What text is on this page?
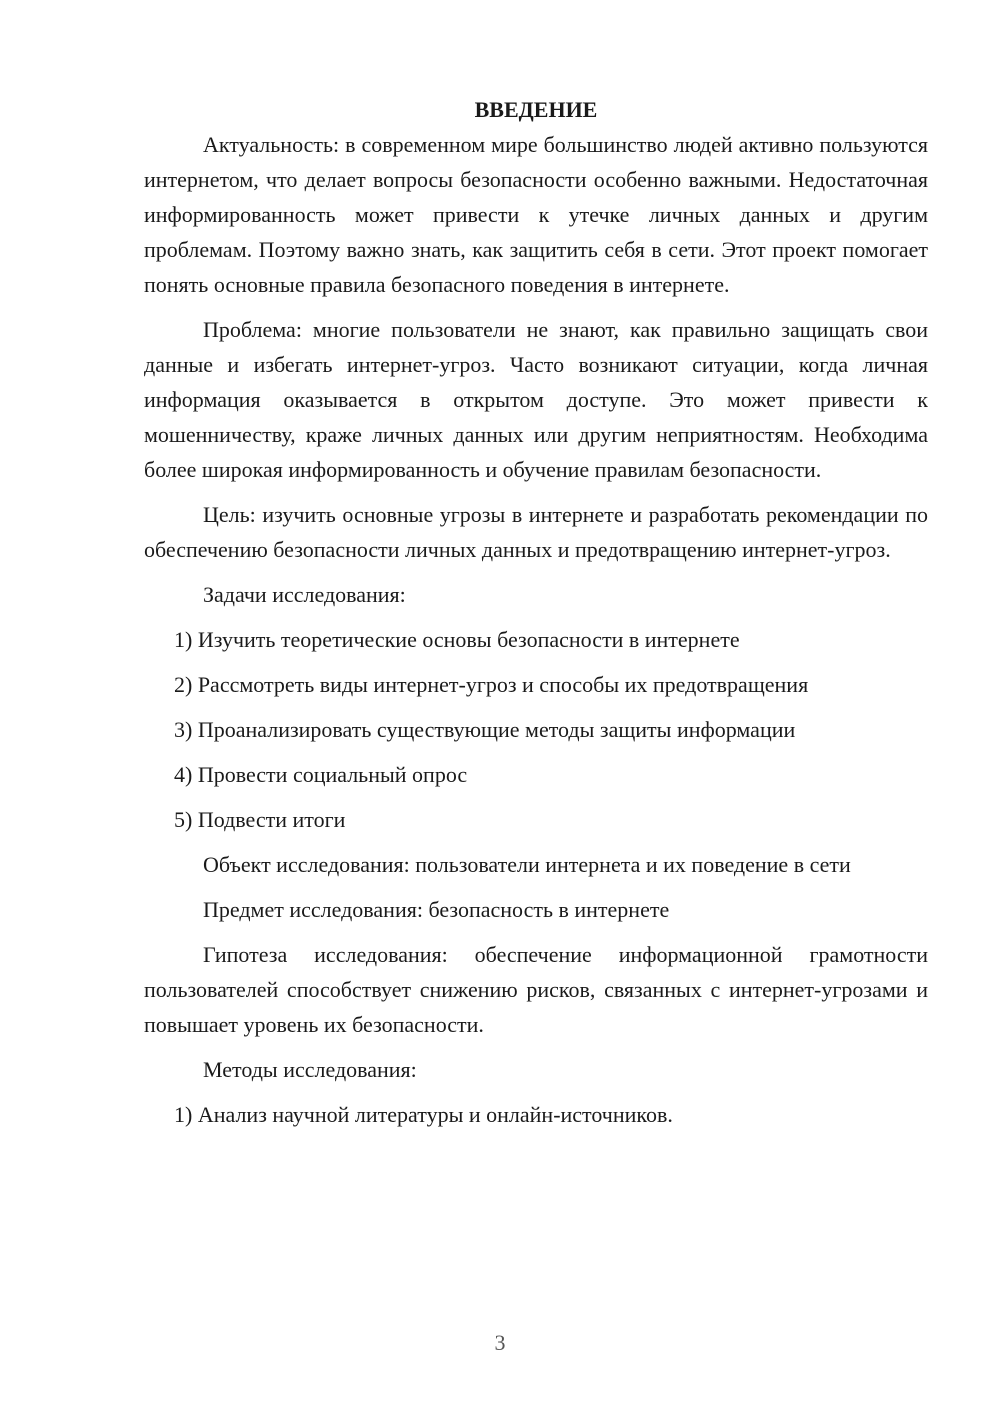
ВВЕДЕНИЕ

Актуальность: в современном мире большинство людей активно пользуются интернетом, что делает вопросы безопасности особенно важными. Недостаточная информированность может привести к утечке личных данных и другим проблемам. Поэтому важно знать, как защитить себя в сети. Этот проект помогает понять основные правила безопасного поведения в интернете.

Проблема: многие пользователи не знают, как правильно защищать свои данные и избегать интернет-угроз. Часто возникают ситуации, когда личная информация оказывается в открытом доступе. Это может привести к мошенничеству, краже личных данных или другим неприятностям. Необходима более широкая информированность и обучение правилам безопасности.

Цель: изучить основные угрозы в интернете и разработать рекомендации по обеспечению безопасности личных данных и предотвращению интернет-угроз.

Задачи исследования:
1) Изучить теоретические основы безопасности в интернете
2) Рассмотреть виды интернет-угроз и способы их предотвращения
3) Проанализировать существующие методы защиты информации
4) Провести социальный опрос
5) Подвести итоги

Объект исследования: пользователи интернета и их поведение в сети

Предмет исследования: безопасность в интернете

Гипотеза исследования: обеспечение информационной грамотности пользователей способствует снижению рисков, связанных с интернет-угрозами и повышает уровень их безопасности.

Методы исследования:
1) Анализ научной литературы и онлайн-источников.
3
